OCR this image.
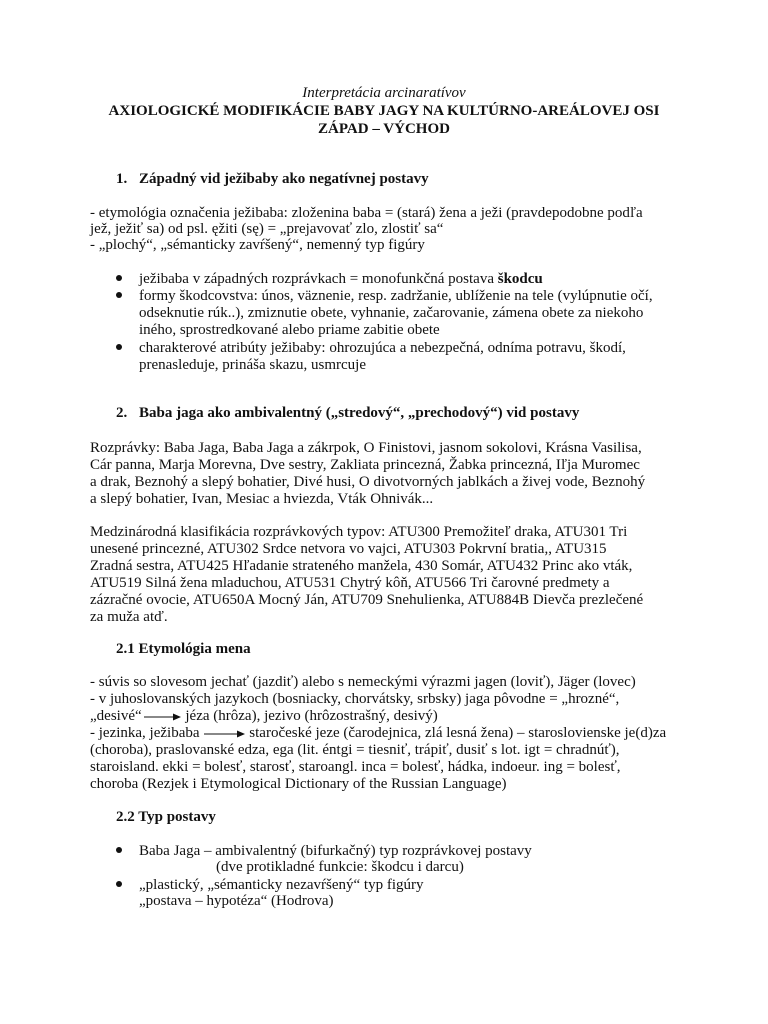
Interpretácia arcinaratívov
AXIOLOGICKÉ MODIFIKÁCIE BABY JAGY NA KULTÚRNO-AREÁLOVEJ OSI
ZÁPAD – VÝCHOD
1. Západný vid ježibaby ako negatívnej postavy
- etymológia označenia ježibaba: zloženina baba = (stará) žena a ježi (pravdepodobne podľa
jež, ježiť sa) od psl. ęžiti (sę) = „prejavovať zlo, zlostiť sa“
- „plochý“, „sémanticky zavŕšený“, nemenný typ figúry
ježibaba v západných rozprávkach = monofunkčná postava škodcu
formy škodcovstva: únos, väznenie, resp. zadržanie, ublíženie na tele (vylúpnutie očí,
odseknutie rúk..), zmiznutie obete, vyhnanie, začarovanie, zámena obete za niekoho
iného, sprostredkované alebo priame zabitie obete
charakterové atribúty ježibaby: ohrozujúca a nebezpečná, odníma potravu, škodí,
prenasleduje, prináša skazu, usmrcuje
2. Baba jaga ako ambivalentný („stredový“, „prechodový“) vid postavy
Rozprávky: Baba Jaga, Baba Jaga a zákrpok, O Finistovi, jasnom sokolovi, Krásna Vasilisa,
Cár panna, Marja Morevna, Dve sestry, Zakliata princezná, Žabka princezná, Iľja Muromec
a drak, Beznohý a slepý bohatier, Divé husi, O divotvorných jablkách a živej vode, Beznohý
a slepý bohatier, Ivan, Mesiac a hviezda, Vták Ohnivák...
Medzinárodná klasifikácia rozprávkových typov: ATU300 Premožiteľ draka, ATU301 Tri
unesené princezné, ATU302 Srdce netvora vo vajci, ATU303 Pokrvní bratia,, ATU315
Zradná sestra, ATU425 Hľadanie strateného manžela, 430 Somár, ATU432 Princ ako vták,
ATU519 Silná žena mladuchou, ATU531 Chytrý kôň, ATU566 Tri čarovné predmety a
zázračné ovocie, ATU650A Mocný Ján, ATU709 Snehulienka, ATU884B Dievča prezlečené
za muža atď.
2.1 Etymológia mena
- súvis so slovesom jechať (jazdiť) alebo s nemeckými výrazmi jagen (loviť), Jäger (lovec)
- v juhoslovanských jazykoch (bosniacky, chorvátsky, srbsky) jaga pôvodne = „hrozné“,
„desivé“	jéza (hrôza), jezivo (hrôzostrašný, desivý)
- jezinka, ježibaba	staročeské jeze (čarodejnica, zlá lesná žena) – staroslovienske je(d)za
(choroba), praslovanské edza, ega (lit. éntgi = tiesniť, trápiť, dusiť s lot. igt = chradnúť),
staroisland. ekki = bolesť, starosť, staroangl. inca = bolesť, hádka, indoeur. ing = bolesť,
choroba (Rezjek i Etymological Dictionary of the Russian Language)
2.2 Typ postavy
Baba Jaga – ambivalentný (bifurkačný) typ rozprávkovej postavy
(dve protikladné funkcie: škodcu i darcu)
„plastický, „sémanticky nezavŕšený“ typ figúry
„postava – hypotéza“ (Hodrova)
